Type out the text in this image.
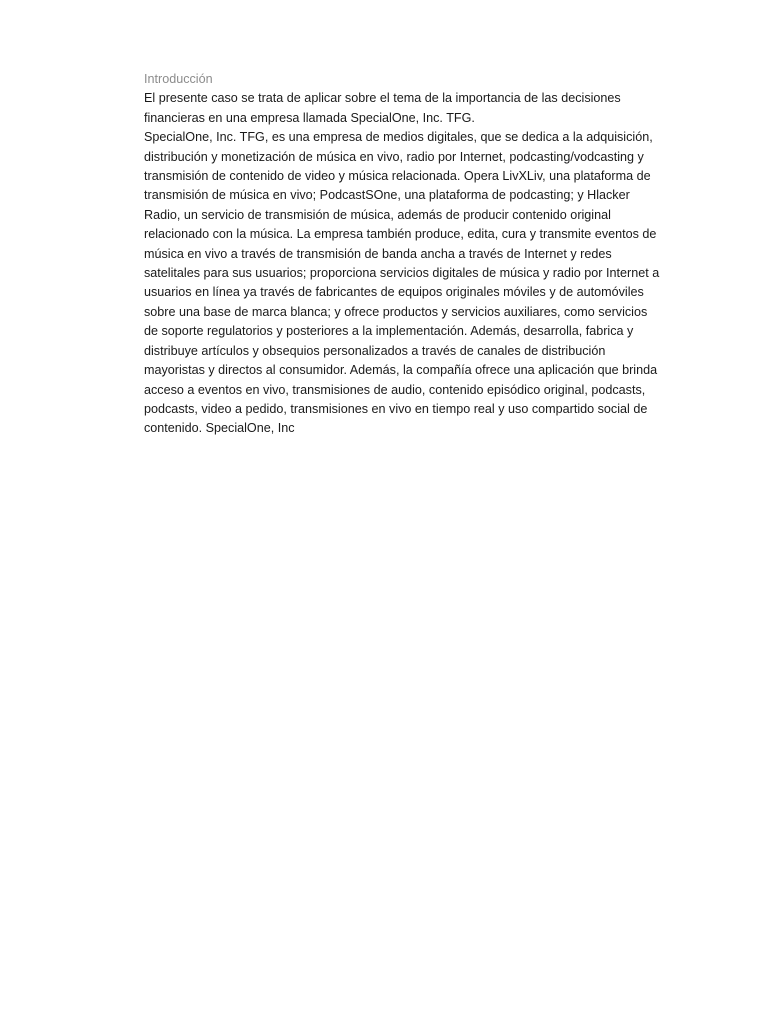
Introducción
El presente caso se trata de aplicar sobre el tema de la importancia de las decisiones
financieras en una empresa llamada SpecialOne, Inc. TFG.
SpecialOne, Inc. TFG, es una empresa de medios digitales, que se dedica a la adquisición,
distribución y monetización de música en vivo, radio por Internet, podcasting/vodcasting y
transmisión de contenido de video y música relacionada. Opera LivXLiv, una plataforma de
transmisión de música en vivo; PodcastSOne, una plataforma de podcasting; y Hlacker
Radio, un servicio de transmisión de música, además de producir contenido original
relacionado con la música. La empresa también produce, edita, cura y transmite eventos de
música en vivo a través de transmisión de banda ancha a través de Internet y redes
satelitales para sus usuarios; proporciona servicios digitales de música y radio por Internet a
usuarios en línea ya través de fabricantes de equipos originales móviles y de automóviles
sobre una base de marca blanca; y ofrece productos y servicios auxiliares, como servicios
de soporte regulatorios y posteriores a la implementación. Además, desarrolla, fabrica y
distribuye artículos y obsequios personalizados a través de canales de distribución
mayoristas y directos al consumidor. Además, la compañía ofrece una aplicación que brinda
acceso a eventos en vivo, transmisiones de audio, contenido episódico original, podcasts,
podcasts, video a pedido, transmisiones en vivo en tiempo real y uso compartido social de
contenido. SpecialOne, Inc
